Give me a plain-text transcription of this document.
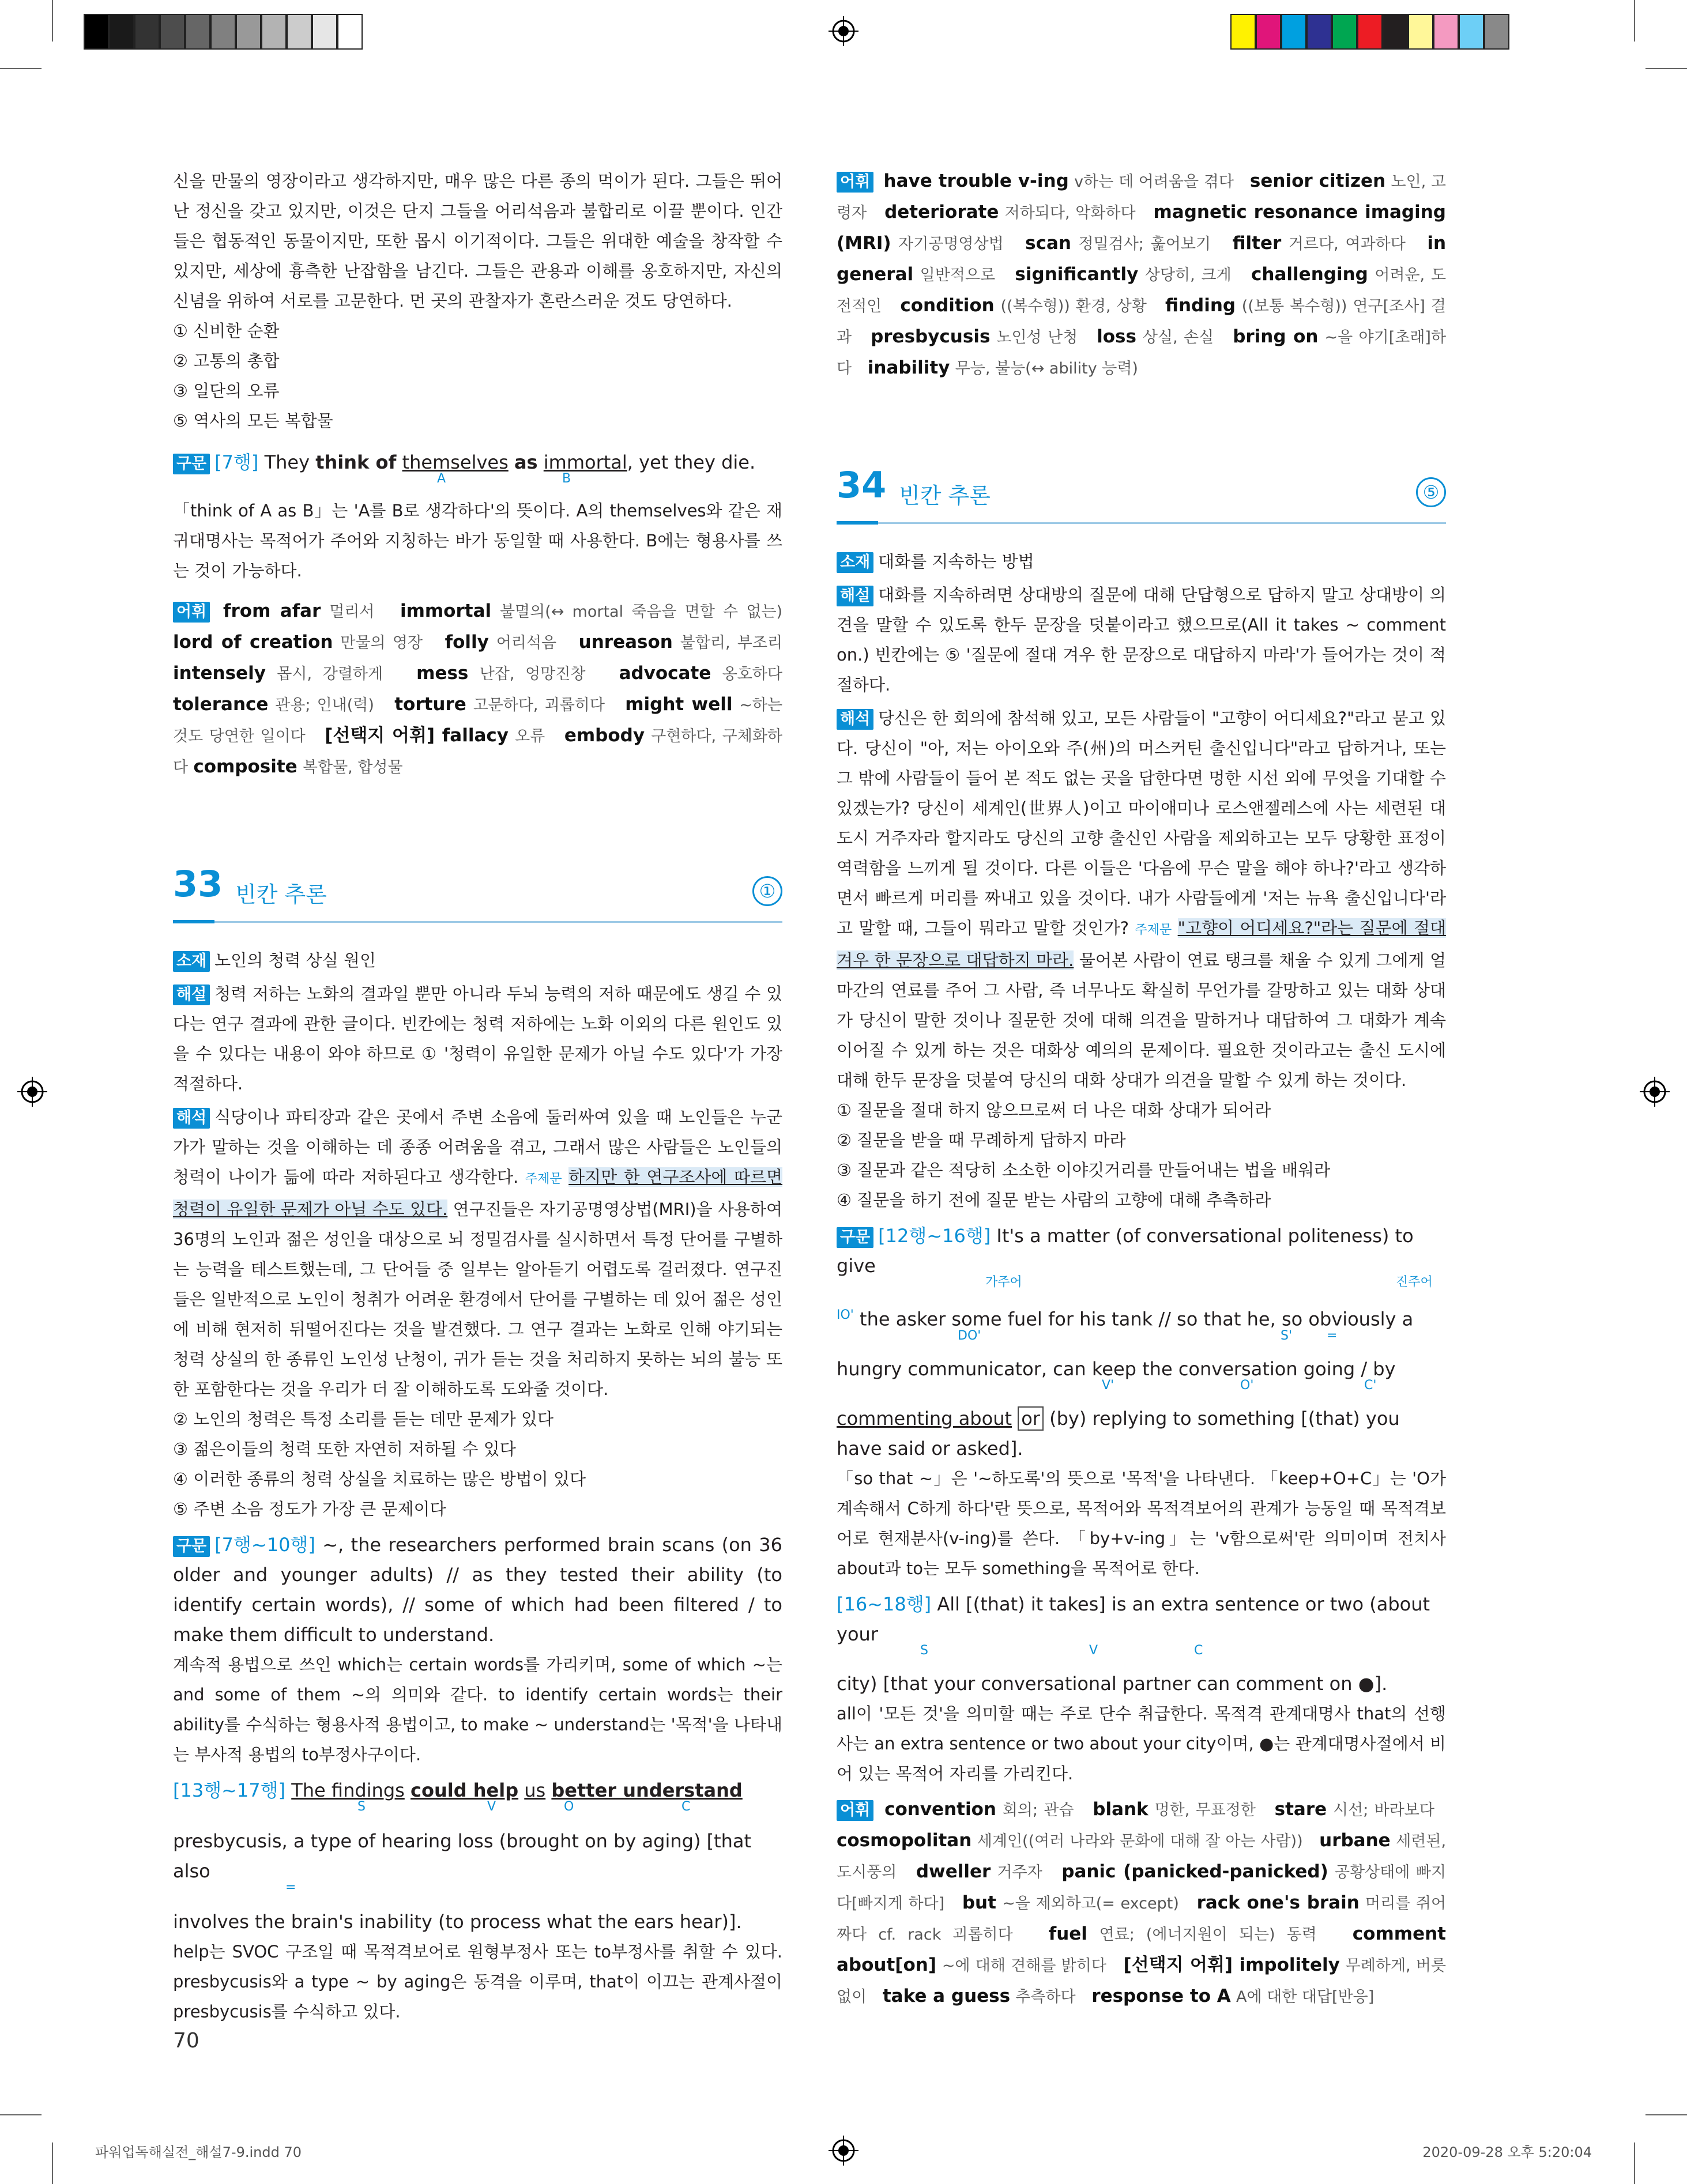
신을 만물의 영장이라고 생각하지만, 매우 많은 다른 종의 먹이가 된다. 그들은 뛰어난 정신을 갖고 있지만, 이것은 단지 그들을 어리석음과 불합리로 이끌 뿐이다. 인간들은 협동적인 동물이지만, 또한 몹시 이기적이다. 그들은 위대한 예술을 창작할 수 있지만, 세상에 흉측한 난잡함을 남긴다. 그들은 관용과 이해를 옹호하지만, 자신의 신념을 위하여 서로를 고문한다. 먼 곳의 관찰자가 혼란스러운 것도 당연하다.

① 신비한 순환
② 고통의 총합
③ 일단의 오류
⑤ 역사의 모든 복합물
구문 [7행] They think of themselves as immortal, yet they die.
A	B

「think of A as B」는 'A를 B로 생각하다'의 뜻이다. A의 themselves와 같은 재귀대명사는 목적어가 주어와 지칭하는 바가 동일할 때 사용한다. B에는 형용사를 쓰는 것이 가능하다.

어휘 from afar 멀리서 immortal 불멸의(↔ mortal 죽음을 면할 수 없는) lord of creation 만물의 영장 folly 어리석음 unreason 불합리, 부조리 intensely 몹시, 강렬하게 mess 난잡, 엉망진창 advocate 옹호하다 tolerance 관용; 인내(력) torture 고문하다, 괴롭히다 might well ~하는 것도 당연한 일이다 [선택지 어휘] fallacy 오류 embody 구현하다, 구체화하다 composite 복합물, 합성물

33 빈칸 추론	①

소재 노인의 청력 상실 원인

해설 청력 저하는 노화의 결과일 뿐만 아니라 두뇌 능력의 저하 때문에도 생길 수 있다는 연구 결과에 관한 글이다. 빈칸에는 청력 저하에는 노화 이외의 다른 원인도 있을 수 있다는 내용이 와야 하므로 ① '청력이 유일한 문제가 아닐 수도 있다'가 가장 적절하다.

해석 식당이나 파티장과 같은 곳에서 주변 소음에 둘러싸여 있을 때 노인들은 누군가가 말하는 것을 이해하는 데 종종 어려움을 겪고, 그래서 많은 사람들은 노인들의 청력이 나이가 듦에 따라 저하된다고 생각한다. 주제문 하지만 한 연구조사에 따르면 청력이 유일한 문제가 아닐 수도 있다. 연구진들은 자기공명영상법(MRI)을 사용하여 36명의 노인과 젊은 성인을 대상으로 뇌 정밀검사를 실시하면서 특정 단어를 구별하는 능력을 테스트했는데, 그 단어들 중 일부는 알아듣기 어렵도록 걸러졌다. 연구진들은 일반적으로 노인이 청취가 어려운 환경에서 단어를 구별하는 데 있어 젊은 성인에 비해 현저히 뒤떨어진다는 것을 발견했다. 그 연구 결과는 노화로 인해 야기되는 청력 상실의 한 종류인 노인성 난청이, 귀가 듣는 것을 처리하지 못하는 뇌의 불능 또한 포함한다는 것을 우리가 더 잘 이해하도록 도와줄 것이다.

② 노인의 청력은 특정 소리를 듣는 데만 문제가 있다
③ 젊은이들의 청력 또한 자연히 저하될 수 있다
④ 이러한 종류의 청력 상실을 치료하는 많은 방법이 있다
⑤ 주변 소음 정도가 가장 큰 문제이다

구문 [7행~10행] ~, the researchers performed brain scans (on 36 older and younger adults) // as they tested their ability (to identify certain words), // some of which had been filtered / to make them difficult to understand.

계속적 용법으로 쓰인 which는 certain words를 가리키며, some of which ~는 and some of them ~의 의미와 같다. to identify certain words는 their ability를 수식하는 형용사적 용법이고, to make ~ understand는 '목적'을 나타내는 부사적 용법의 to부정사구이다.

[13행~17행] The findings could help us better understand
S	V	O	C
presbycusis, a type of hearing loss (brought on by aging) [that also
=
involves the brain's inability (to process what the ears hear)].

help는 SVOC 구조일 때 목적격보어로 원형부정사 또는 to부정사를 취할 수 있다. presbycusis와 a type ~ by aging은 동격을 이루며, that이 이끄는 관계사절이 presbycusis를 수식하고 있다.

어휘 have trouble v-ing v하는 데 어려움을 겪다 senior citizen 노인, 고령자 deteriorate 저하되다, 악화하다 magnetic resonance imaging (MRI) 자기공명영상법 scan 정밀검사; 훑어보기 filter 거르다, 여과하다 in general 일반적으로 significantly 상당히, 크게 challenging 어려운, 도전적인 condition ((복수형)) 환경, 상황 finding ((보통 복수형)) 연구[조사] 결과 presbycusis 노인성 난청 loss 상실, 손실 bring on ~을 야기[초래]하다 inability 무능, 불능(↔ ability 능력)

34 빈칸 추론	⑤

소재 대화를 지속하는 방법

해설 대화를 지속하려면 상대방의 질문에 대해 단답형으로 답하지 말고 상대방이 의견을 말할 수 있도록 한두 문장을 덧붙이라고 했으므로(All it takes ~ comment on.) 빈칸에는 ⑤ '질문에 절대 겨우 한 문장으로 대답하지 마라'가 들어가는 것이 적절하다.

해석 당신은 한 회의에 참석해 있고, 모든 사람들이 "고향이 어디세요?"라고 묻고 있다. 당신이 "아, 저는 아이오와 주(州)의 머스커틴 출신입니다"라고 답하거나, 또는 그 밖에 사람들이 들어 본 적도 없는 곳을 답한다면 멍한 시선 외에 무엇을 기대할 수 있겠는가? 당신이 세계인(世界人)이고 마이애미나 로스앤젤레스에 사는 세련된 대도시 거주자라 할지라도 당신의 고향 출신인 사람을 제외하고는 모두 당황한 표정이 역력함을 느끼게 될 것이다. 다른 이들은 '다음에 무슨 말을 해야 하나?'라고 생각하면서 빠르게 머리를 짜내고 있을 것이다. 내가 사람들에게 '저는 뉴욕 출신입니다'라고 말할 때, 그들이 뭐라고 말할 것인가? 주제문 "고향이 어디세요?"라는 질문에 절대 겨우 한 문장으로 대답하지 마라. 물어본 사람이 연료 탱크를 채울 수 있게 그에게 얼마간의 연료를 주어 그 사람, 즉 너무나도 확실히 무언가를 갈망하고 있는 대화 상대가 당신이 말한 것이나 질문한 것에 대해 의견을 말하거나 대답하여 그 대화가 계속 이어질 수 있게 하는 것은 대화상 예의의 문제이다. 필요한 것이라고는 출신 도시에 대해 한두 문장을 덧붙여 당신의 대화 상대가 의견을 말할 수 있게 하는 것이다.

① 질문을 절대 하지 않으므로써 더 나은 대화 상대가 되어라
② 질문을 받을 때 무례하게 답하지 마라
③ 질문과 같은 적당히 소소한 이야깃거리를 만들어내는 법을 배워라
④ 질문을 하기 전에 질문 받는 사람의 고향에 대해 추측하라
구문 [12행~16행] It's a matter (of conversational politeness) to give
가주어	진주어
$^{IO'}$ the asker some fuel for his tank // so that he, so obviously a
DO'	S'	=
hungry communicator, can keep the conversation going / by
V'	O'	C'
commenting about or (by) replying to something [(that) you have said or asked].

「so that ~」은 '~하도록'의 뜻으로 '목적'을 나타낸다. 「keep+O+C」는 'O가 계속해서 C하게 하다'란 뜻으로, 목적어와 목적격보어의 관계가 능동일 때 목적격보어로 현재분사(v-ing)를 쓴다. 「by+v-ing」는 'v함으로써'란 의미이며 전치사 about과 to는 모두 something을 목적어로 한다.

[16~18행] All [(that) it takes] is an extra sentence or two (about your
S	V	C
city) [that your conversational partner can comment on ●].

all이 '모든 것'을 의미할 때는 주로 단수 취급한다. 목적격 관계대명사 that의 선행사는 an extra sentence or two about your city이며, ●는 관계대명사절에서 비어 있는 목적어 자리를 가리킨다.

어휘 convention 회의; 관습 blank 멍한, 무표정한 stare 시선; 바라보다   cosmopolitan 세계인((여러 나라와 문화에 대해 잘 아는 사람)) urbane 세련된, 도시풍의 dweller 거주자 panic (panicked-panicked) 공황상태에 빠지다[빠지게 하다] but ~을 제외하고(= except) rack one's brain 머리를 쥐어짜다 cf. rack 괴롭히다 fuel 연료; (에너지원이 되는) 동력 comment about[on] ~에 대해 견해를 밝히다 [선택지 어휘] impolitely 무례하게, 버릇없이 take a guess 추측하다 response to A A에 대한 대답[반응]

70
파워업독해실전_해설7-9.indd 70	2020-09-28 오후 5:20:04
